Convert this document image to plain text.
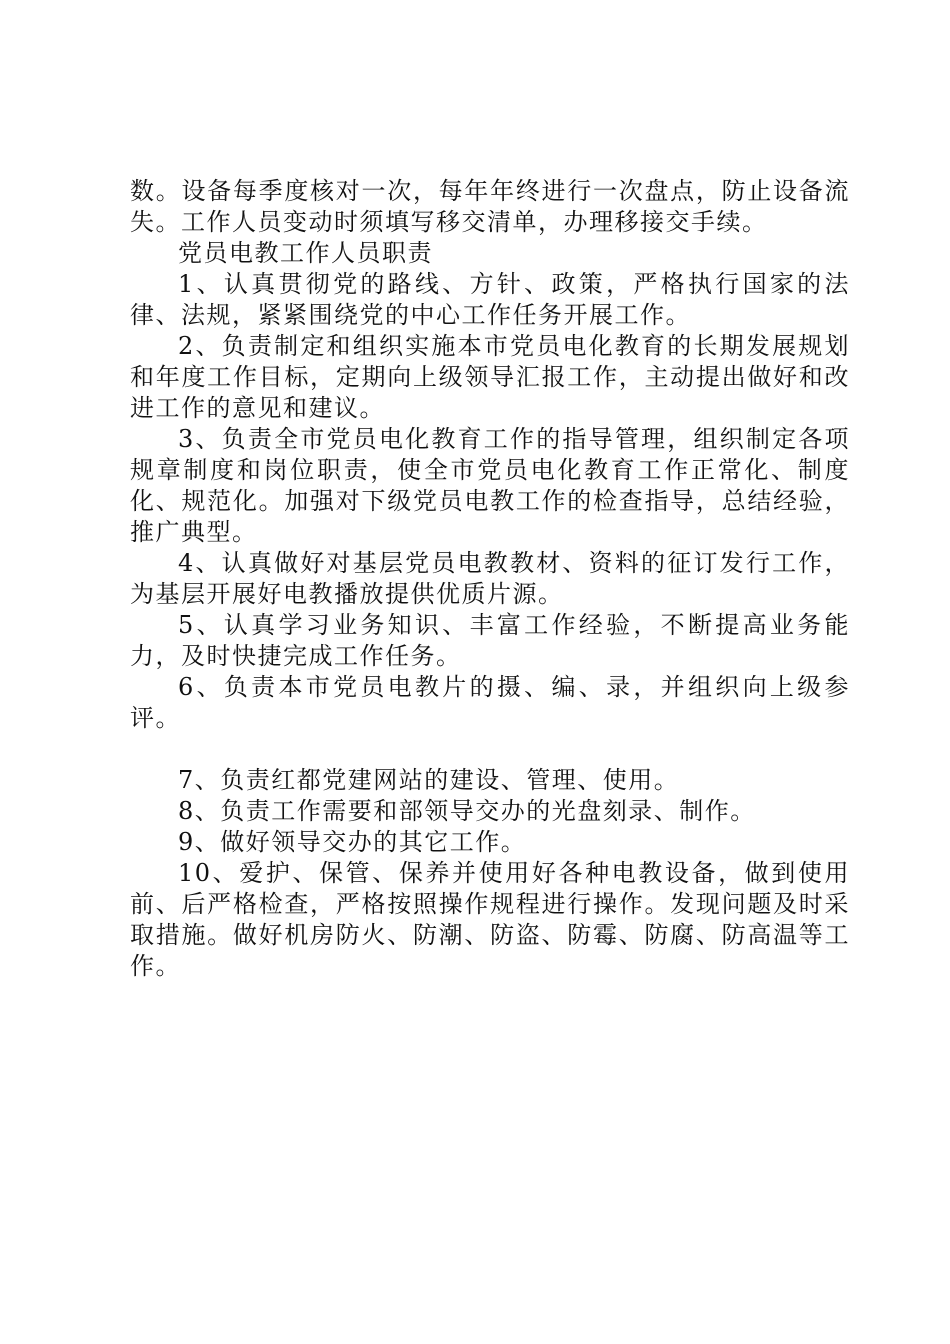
数。设备每季度核对一次，每年年终进行一次盘点，防止设备流失。工作人员变动时须填写移交清单，办理移接交手续。

党员电教工作人员职责

1、认真贯彻党的路线、方针、政策，严格执行国家的法律、法规，紧紧围绕党的中心工作任务开展工作。

2、负责制定和组织实施本市党员电化教育的长期发展规划和年度工作目标，定期向上级领导汇报工作，主动提出做好和改进工作的意见和建议。

3、负责全市党员电化教育工作的指导管理，组织制定各项规章制度和岗位职责，使全市党员电化教育工作正常化、制度化、规范化。加强对下级党员电教工作的检查指导，总结经验，推广典型。

4、认真做好对基层党员电教教材、资料的征订发行工作，为基层开展好电教播放提供优质片源。

5、认真学习业务知识、丰富工作经验，不断提高业务能力，及时快捷完成工作任务。

6、负责本市党员电教片的摄、编、录，并组织向上级参评。

7、负责红都党建网站的建设、管理、使用。

8、负责工作需要和部领导交办的光盘刻录、制作。

9、做好领导交办的其它工作。

10、爱护、保管、保养并使用好各种电教设备，做到使用前、后严格检查，严格按照操作规程进行操作。发现问题及时采取措施。做好机房防火、防潮、防盗、防霉、防腐、防高温等工作。
